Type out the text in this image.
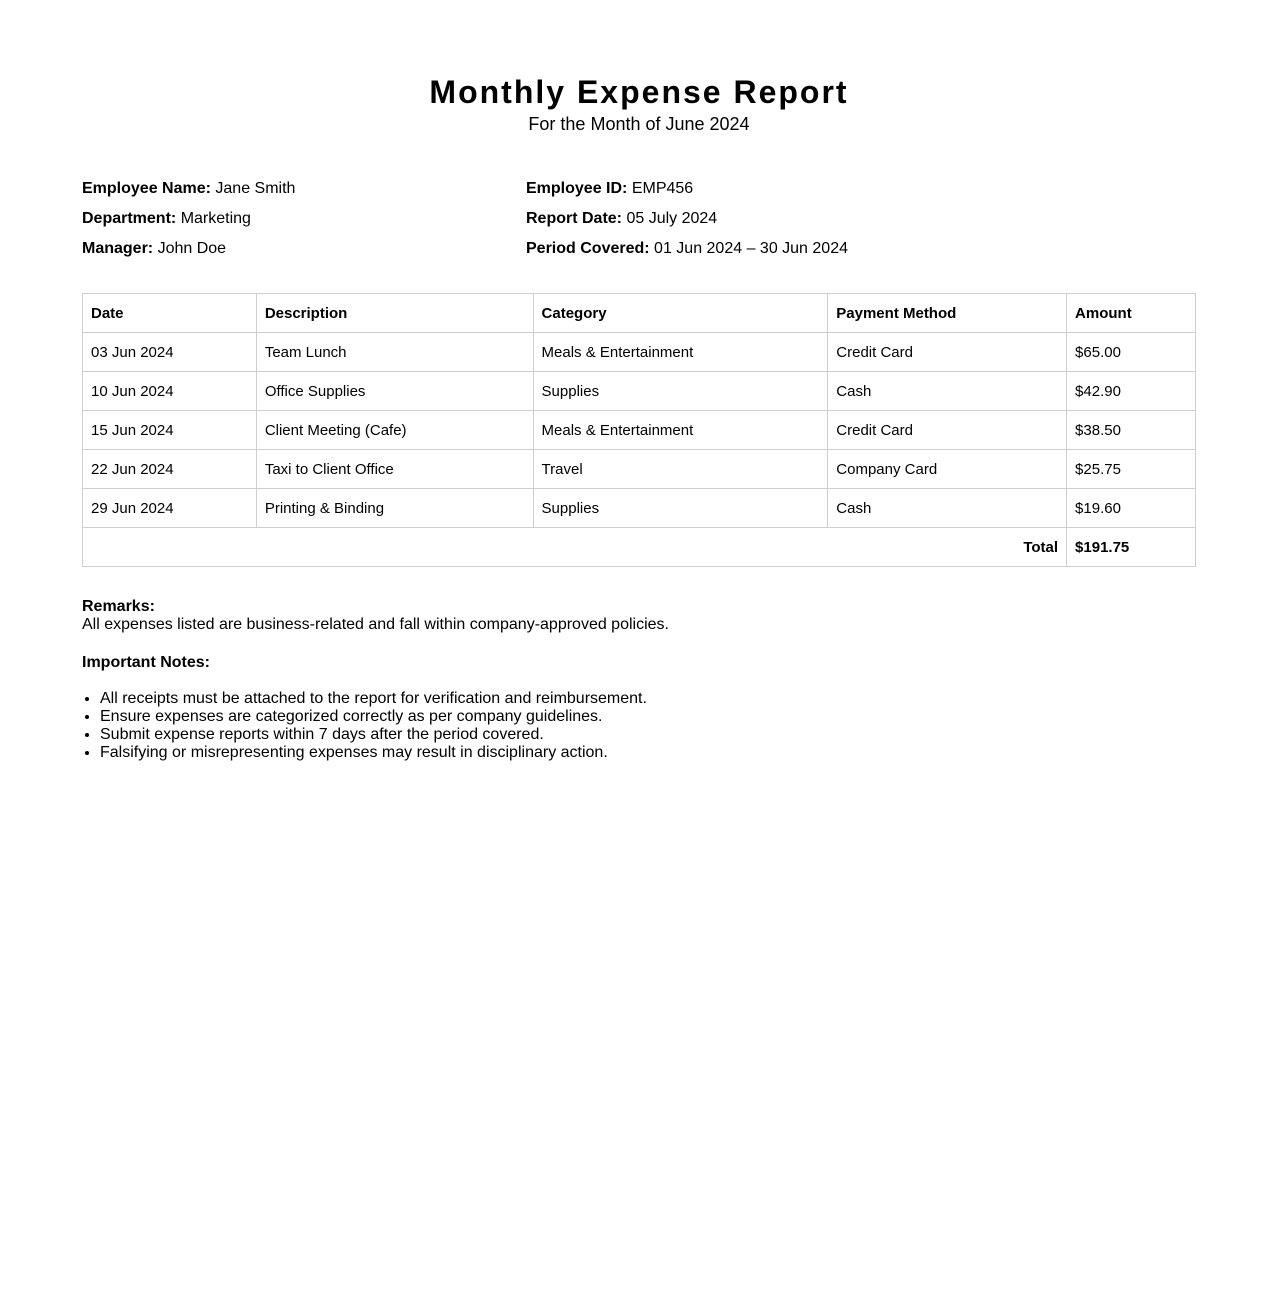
Monthly Expense Report
For the Month of June 2024
Employee Name: Jane Smith
Department: Marketing
Manager: John Doe
Employee ID: EMP456
Report Date: 05 July 2024
Period Covered: 01 Jun 2024 – 30 Jun 2024
Date	Description	Category	Payment Method	Amount
03 Jun 2024	Team Lunch	Meals & Entertainment	Credit Card	$65.00
10 Jun 2024	Office Supplies	Supplies	Cash	$42.90
15 Jun 2024	Client Meeting (Cafe)	Meals & Entertainment	Credit Card	$38.50
22 Jun 2024	Taxi to Client Office	Travel	Company Card	$25.75
29 Jun 2024	Printing & Binding	Supplies	Cash	$19.60
Total				$191.75
Remarks:
All expenses listed are business-related and fall within company-approved policies.
Important Notes:
• All receipts must be attached to the report for verification and reimbursement.
• Ensure expenses are categorized correctly as per company guidelines.
• Submit expense reports within 7 days after the period covered.
• Falsifying or misrepresenting expenses may result in disciplinary action.
